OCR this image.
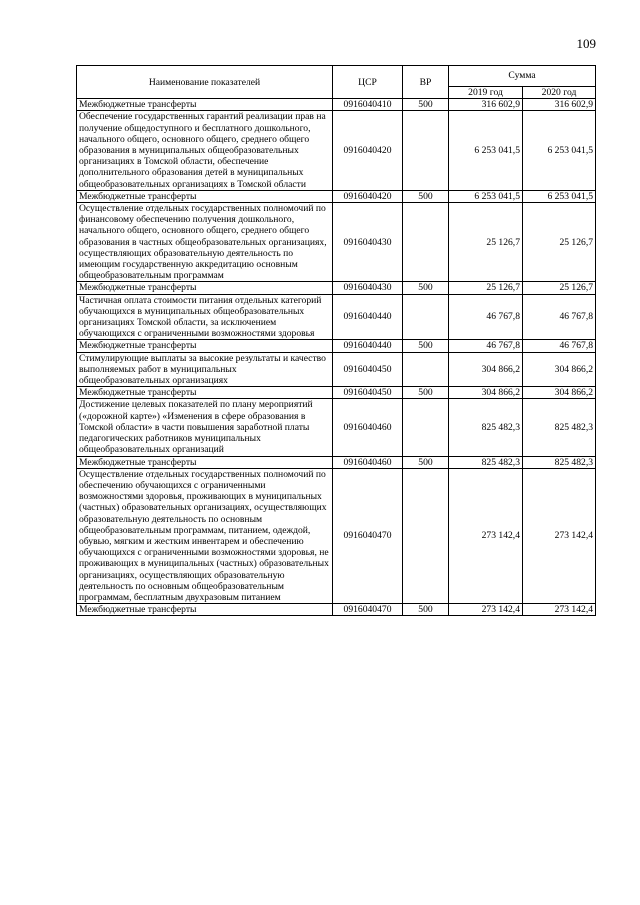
109
Наименование показателей	ЦСР	ВР	Сумма	
			2019 год	2020 год
Межбюджетные трансферты	0916040410	500	316 602,9	316 602,9
Обеспечение государственных гарантий реализации прав на получение общедоступного и бесплатного дошкольного, начального общего, основного общего, среднего общего образования в муниципальных общеобразовательных организациях в Томской области, обеспечение дополнительного образования детей в муниципальных общеобразовательных организациях в Томской области	0916040420		6 253 041,5	6 253 041,5
Межбюджетные трансферты	0916040420	500	6 253 041,5	6 253 041,5
Осуществление отдельных государственных полномочий по финансовому обеспечению получения дошкольного, начального общего, основного общего, среднего общего образования в частных общеобразовательных организациях, осуществляющих образовательную деятельность по имеющим государственную аккредитацию основным общеобразовательным программам	0916040430		25 126,7	25 126,7
Межбюджетные трансферты	0916040430	500	25 126,7	25 126,7
Частичная оплата стоимости питания отдельных категорий обучающихся в муниципальных общеобразовательных организациях Томской области, за исключением обучающихся с ограниченными возможностями здоровья	0916040440		46 767,8	46 767,8
Межбюджетные трансферты	0916040440	500	46 767,8	46 767,8
Стимулирующие выплаты за высокие результаты и качество выполняемых работ в муниципальных общеобразовательных организациях	0916040450		304 866,2	304 866,2
Межбюджетные трансферты	0916040450	500	304 866,2	304 866,2
Достижение целевых показателей по плану мероприятий («дорожной карте») «Изменения в сфере образования в Томской области» в части повышения заработной платы педагогических работников муниципальных общеобразовательных организаций	0916040460		825 482,3	825 482,3
Межбюджетные трансферты	0916040460	500	825 482,3	825 482,3
Осуществление отдельных государственных полномочий по обеспечению обучающихся с ограниченными возможностями здоровья, проживающих в муниципальных (частных) образовательных организациях, осуществляющих образовательную деятельность по основным общеобразовательным программам, питанием, одеждой, обувью, мягким и жестким инвентарем и обеспечению обучающихся с ограниченными возможностями здоровья, не проживающих в муниципальных (частных) образовательных организациях, осуществляющих образовательную деятельность по основным общеобразовательным программам, бесплатным двухразовым питанием	0916040470		273 142,4	273 142,4
Межбюджетные трансферты	0916040470	500	273 142,4	273 142,4
